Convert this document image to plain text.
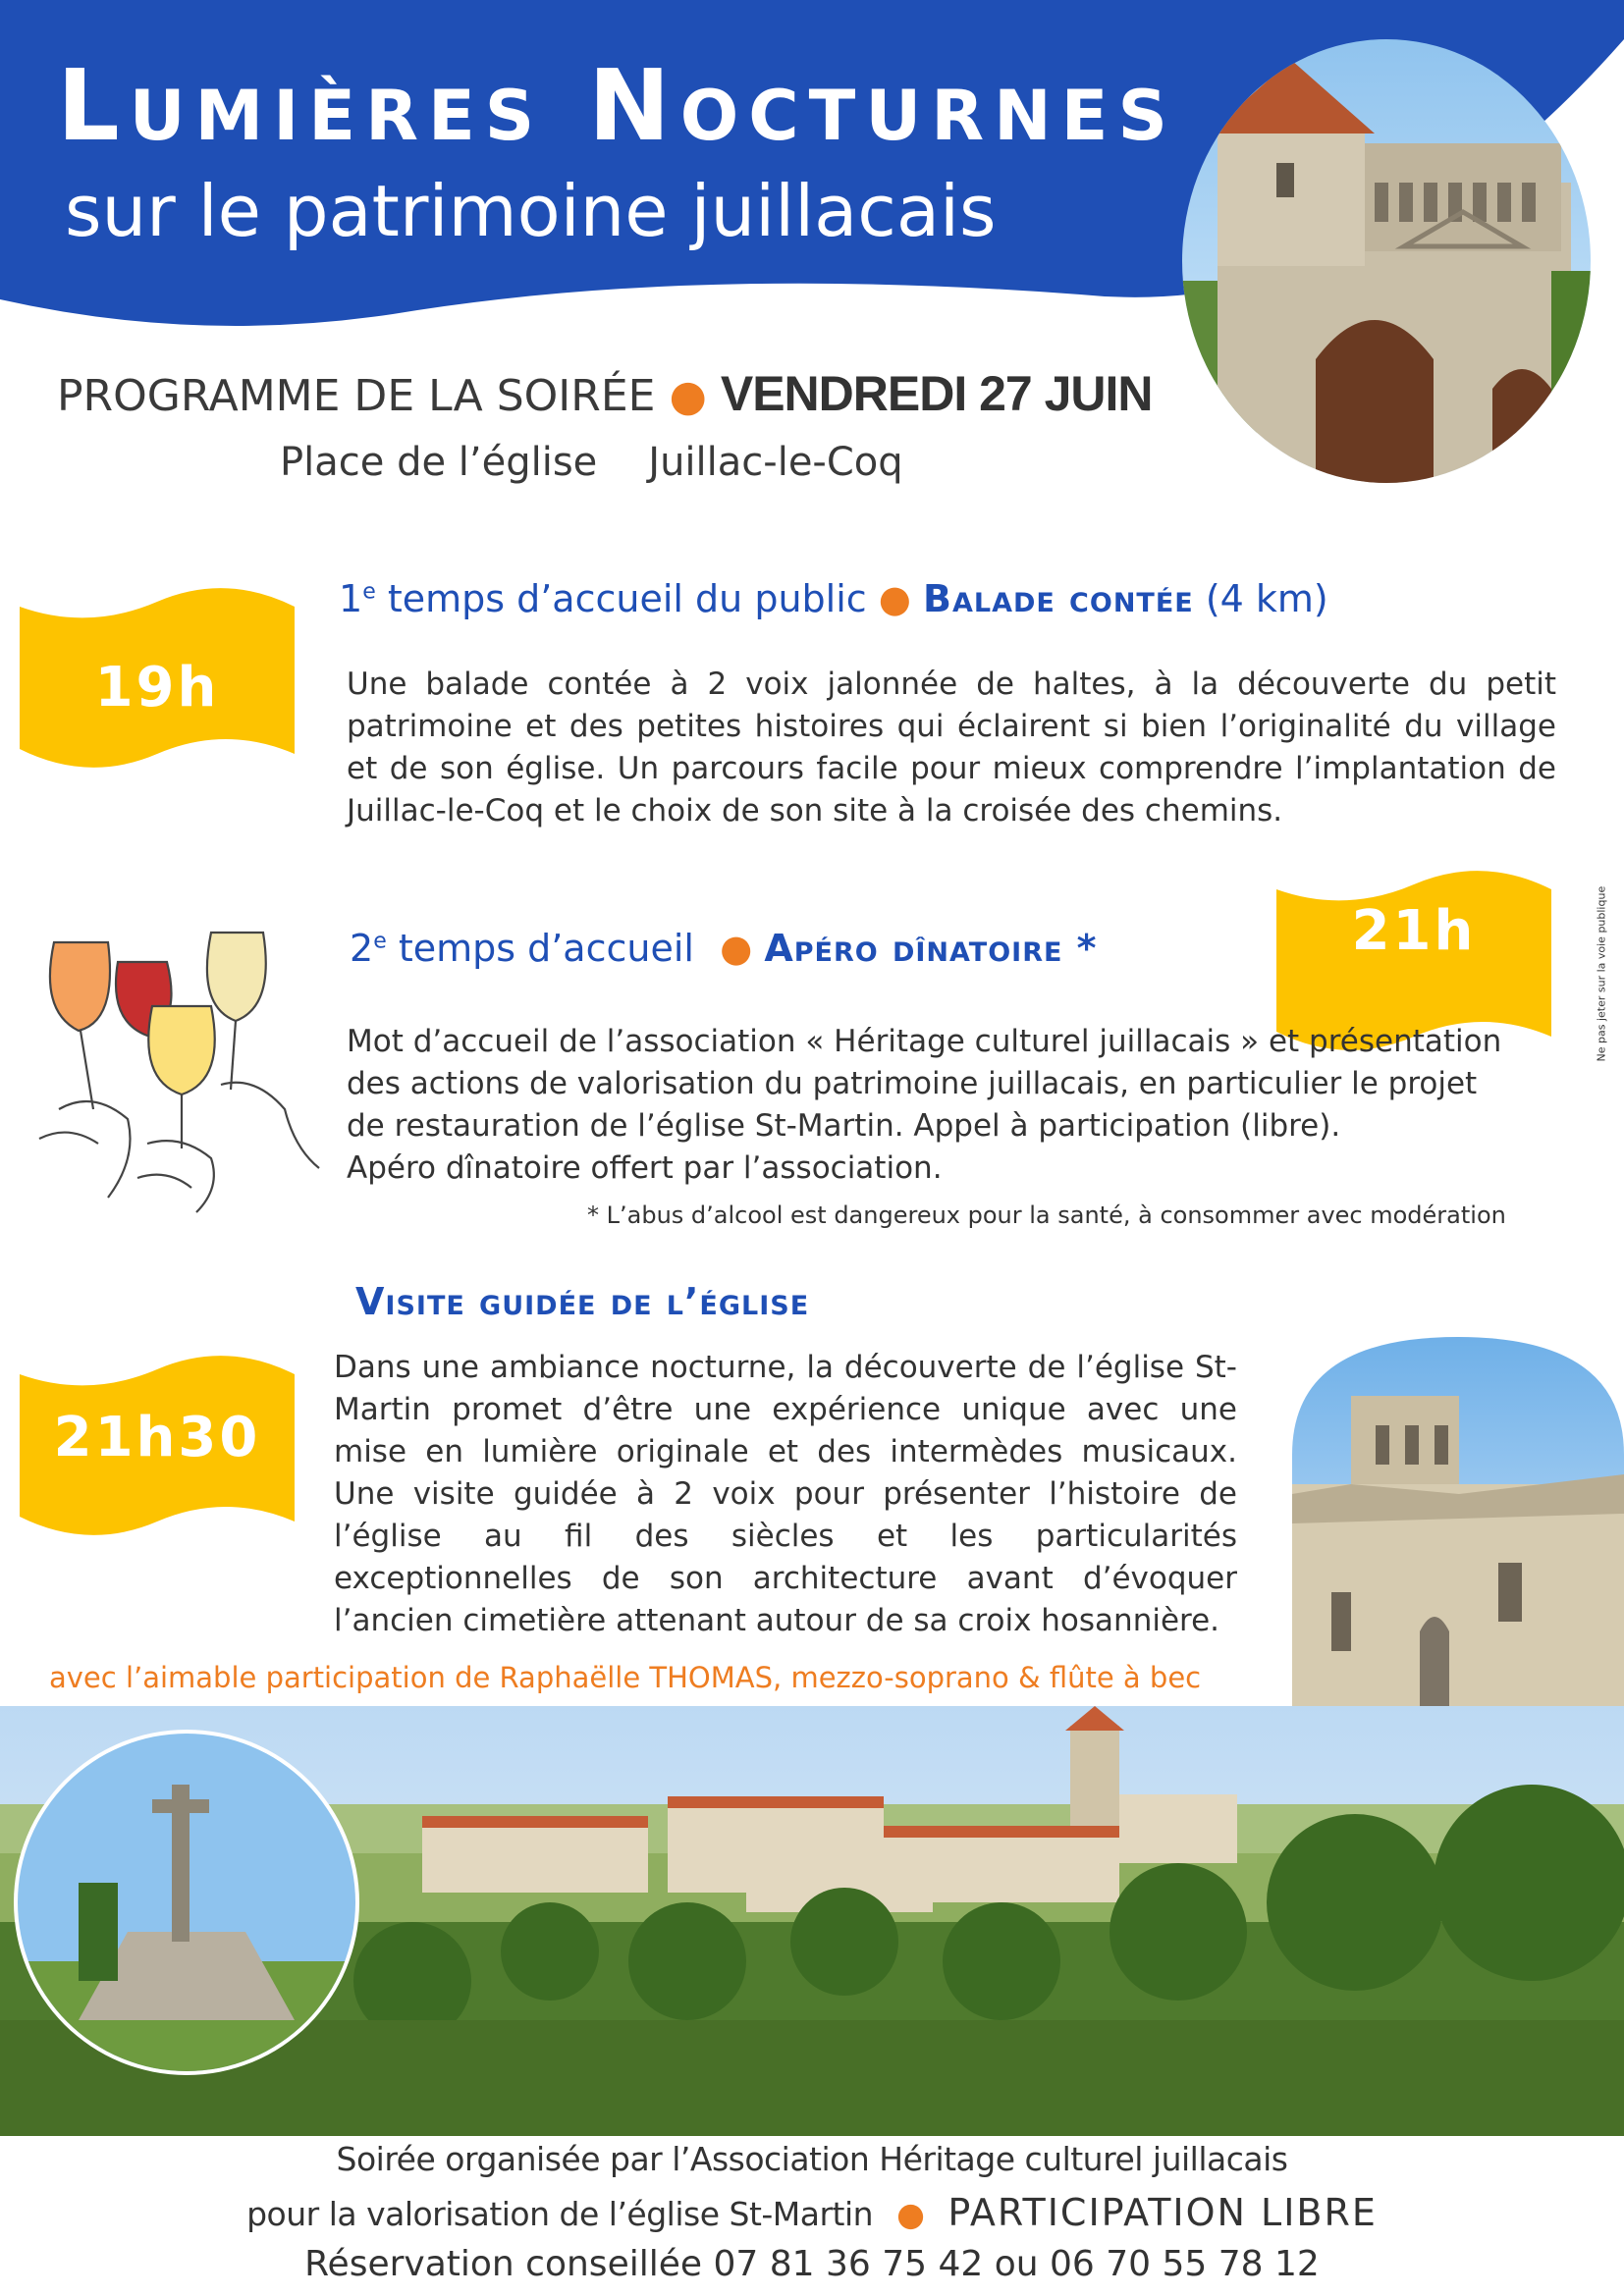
Lumières Nocturnes
sur le patrimoine juillacais
PROGRAMME DE LA SOIRÉE ● VENDREDI 27 JUIN
Place de l’église Juillac-le-Coq
19h
1e temps d’accueil du public ● Balade contée (4 km)
Une balade contée à 2 voix jalonnée de haltes, à la découverte du petit patrimoine et des petites histoires qui éclairent si bien l’originalité du village et de son église. Un parcours facile pour mieux comprendre l’implantation de Juillac-le-Coq et le choix de son site à la croisée des chemins.
21h
2e temps d’accueil ● Apéro dînatoire *

Mot d’accueil de l’association « Héritage culturel juillacais » et présentation

des actions de valorisation du patrimoine juillacais, en particulier le projet

de restauration de l’église St-Martin. Appel à participation (libre).

Apéro dînatoire offert par l’association.

* L’abus d’alcool est dangereux pour la santé, à consommer avec modération
Ne pas jeter sur la voie publique
Visite guidée de l’église
21h30
Dans une ambiance nocturne, la découverte de l’église St-Martin promet d’être une expérience unique avec une mise en lumière originale et des intermèdes musicaux. Une visite guidée à 2 voix pour présenter l’histoire de l’église au fil des siècles et les particularités exceptionnelles de son architecture avant d’évoquer l’ancien cimetière attenant autour de sa croix hosannière.
avec l’aimable participation de Raphaëlle THOMAS, mezzo-soprano & flûte à bec
Soirée organisée par l’Association Héritage culturel juillacais
pour la valorisation de l’église St-Martin ● PARTICIPATION LIBRE
Réservation conseillée 07 81 36 75 42 ou 06 70 55 78 12
